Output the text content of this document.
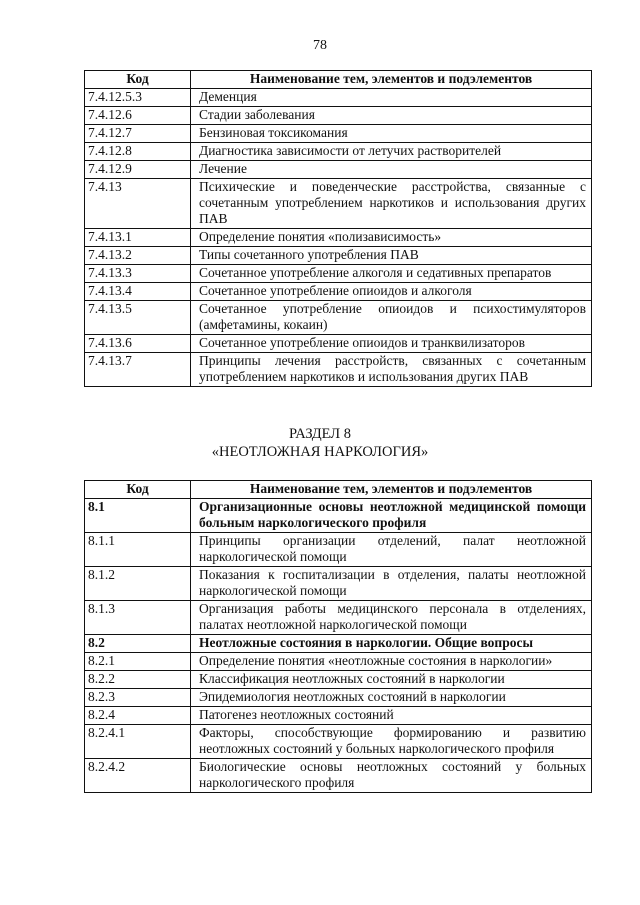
78
Код	Наименование тем, элементов и подэлементов
7.4.12.5.3	Деменция
7.4.12.6	Стадии заболевания
7.4.12.7	Бензиновая токсикомания
7.4.12.8	Диагностика зависимости от летучих растворителей
7.4.12.9	Лечение
7.4.13	Психические и поведенческие расстройства, связанные с сочетанным употреблением наркотиков и использования других ПАВ
7.4.13.1	Определение понятия «полизависимость»
7.4.13.2	Типы сочетанного употребления ПАВ
7.4.13.3	Сочетанное употребление алкоголя и седативных препаратов
7.4.13.4	Сочетанное употребление опиоидов и алкоголя
7.4.13.5	Сочетанное употребление опиоидов и психостимуляторов (амфетамины, кокаин)
7.4.13.6	Сочетанное употребление опиоидов и транквилизаторов
7.4.13.7	Принципы лечения расстройств, связанных с сочетанным употреблением наркотиков и использования других ПАВ
РАЗДЕЛ 8
«НЕОТЛОЖНАЯ НАРКОЛОГИЯ»
Код	Наименование тем, элементов и подэлементов
8.1	Организационные основы неотложной медицинской помощи больным наркологического профиля
8.1.1	Принципы организации отделений, палат неотложной наркологической помощи
8.1.2	Показания к госпитализации в отделения, палаты неотложной наркологической помощи
8.1.3	Организация работы медицинского персонала в отделениях, палатах неотложной наркологической помощи
8.2	Неотложные состояния в наркологии. Общие вопросы
8.2.1	Определение понятия «неотложные состояния в наркологии»
8.2.2	Классификация неотложных состояний в наркологии
8.2.3	Эпидемиология неотложных состояний в наркологии
8.2.4	Патогенез неотложных состояний
8.2.4.1	Факторы, способствующие формированию и развитию неотложных состояний у больных наркологического профиля
8.2.4.2	Биологические основы неотложных состояний у больных наркологического профиля
